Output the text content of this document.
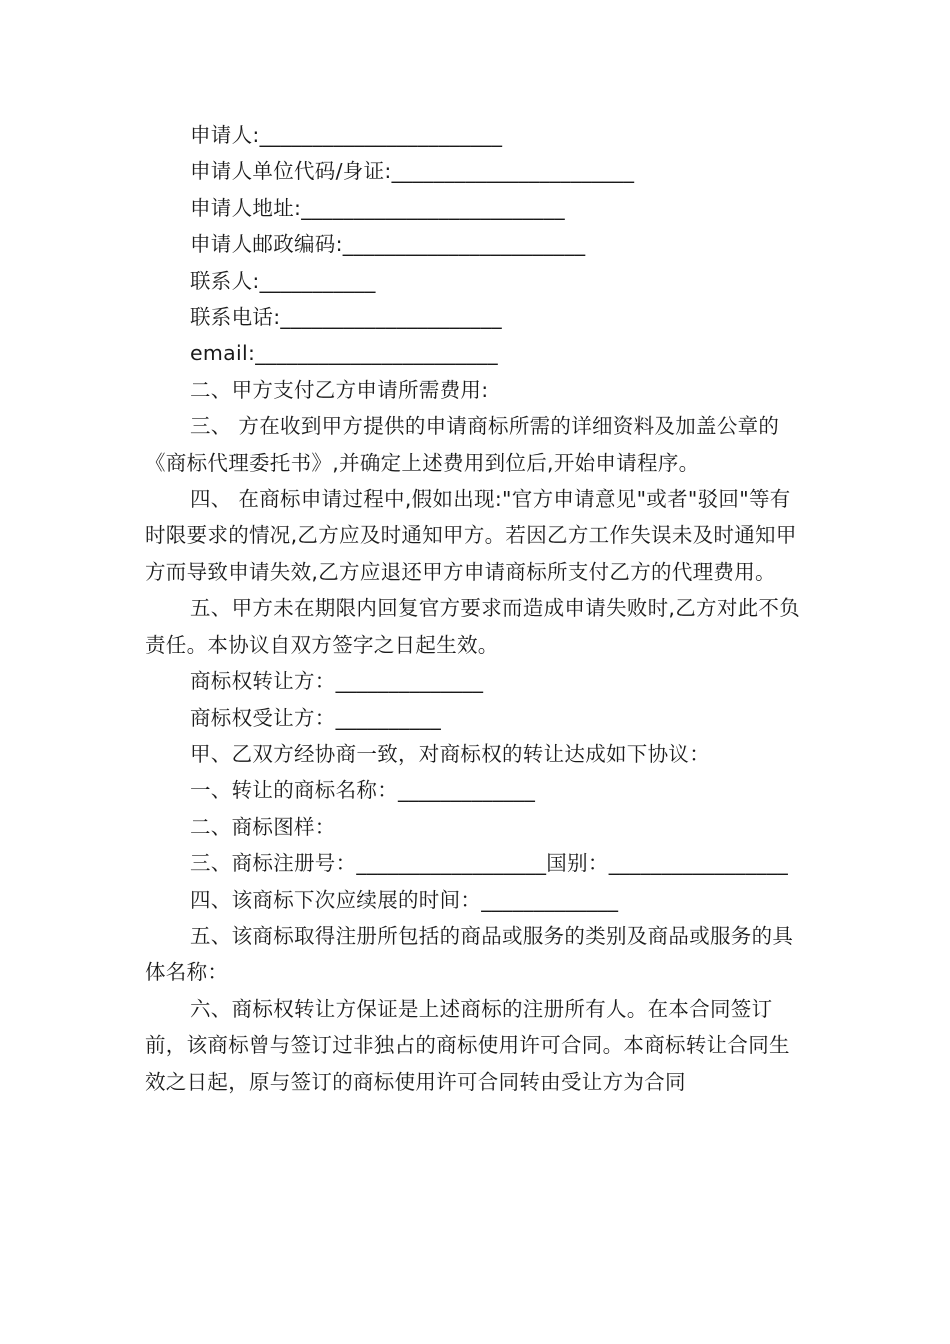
申请人:_______________________

申请人单位代码/身证:_______________________

申请人地址:_________________________

申请人邮政编码:_______________________

联系人:___________

联系电话:_____________________

email:_______________________

二、甲方支付乙方申请所需费用:

三、 方在收到甲方提供的申请商标所需的详细资料及加盖公章的《商标代理委托书》,并确定上述费用到位后,开始申请程序。

四、 在商标申请过程中,假如出现:"官方申请意见"或者"驳回"等有时限要求的情况,乙方应及时通知甲方。若因乙方工作失误未及时通知甲方而导致申请失效,乙方应退还甲方申请商标所支付乙方的代理费用。

五、甲方未在期限内回复官方要求而造成申请失败时,乙方对此不负责任。本协议自双方签字之日起生效。

商标权转让方：______________

商标权受让方：__________

甲、乙双方经协商一致，对商标权的转让达成如下协议：

一、转让的商标名称：_____________

二、商标图样：

三、商标注册号：__________________国别：_________________

四、该商标下次应续展的时间：_____________

五、该商标取得注册所包括的商品或服务的类别及商品或服务的具体名称：

六、商标权转让方保证是上述商标的注册所有人。在本合同签订前，该商标曾与签订过非独占的商标使用许可合同。本商标转让合同生效之日起，原与签订的商标使用许可合同转由受让方为合同
